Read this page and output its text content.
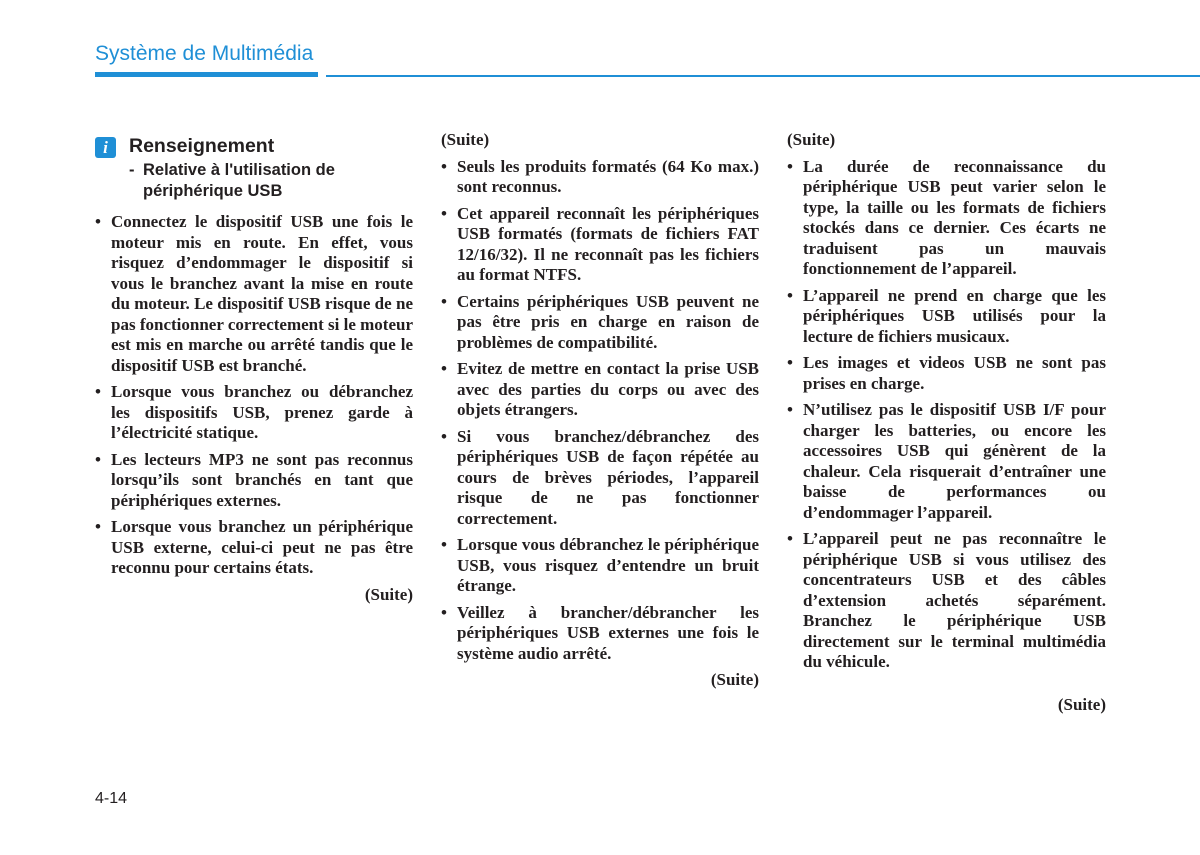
Système de Multimédia
i	Renseignement
- Relative à l'utilisation de périphérique USB
• Connectez le dispositif USB une fois le moteur mis en route. En effet, vous risquez d’endommager le dispositif si vous le branchez avant la mise en route du moteur. Le dispositif USB risque de ne pas fonctionner correctement si le moteur est mis en marche ou arrêté tandis que le dispositif USB est branché.
• Lorsque vous branchez ou débranchez les dispositifs USB, prenez garde à l’électricité statique.
• Les lecteurs MP3 ne sont pas reconnus lorsqu’ils sont branchés en tant que périphériques externes.
• Lorsque vous branchez un périphérique USB externe, celui-ci peut ne pas être reconnu pour certains états.
(Suite)
(Suite)
• Seuls les produits formatés (64 Ko max.) sont reconnus.
• Cet appareil reconnaît les périphériques USB formatés (formats de fichiers FAT 12/16/32). Il ne reconnaît pas les fichiers au format NTFS.
• Certains périphériques USB peuvent ne pas être pris en charge en raison de problèmes de compatibilité.
• Evitez de mettre en contact la prise USB avec des parties du corps ou avec des objets étrangers.
• Si vous branchez/débranchez des périphériques USB de façon répétée au cours de brèves périodes, l’appareil risque de ne pas fonctionner correctement.
• Lorsque vous débranchez le périphérique USB, vous risquez d’entendre un bruit étrange.
• Veillez à brancher/débrancher les périphériques USB externes une fois le système audio arrêté.
(Suite)
(Suite)
• La durée de reconnaissance du périphérique USB peut varier selon le type, la taille ou les formats de fichiers stockés dans ce dernier. Ces écarts ne traduisent pas un mauvais fonctionnement de l’appareil.
• L’appareil ne prend en charge que les périphériques USB utilisés pour la lecture de fichiers musicaux.
• Les images et videos USB ne sont pas prises en charge.
• N’utilisez pas le dispositif USB I/F pour charger les batteries, ou encore les accessoires USB qui génèrent de la chaleur. Cela risquerait d’entraîner une baisse de performances ou d’endommager l’appareil.
• L’appareil peut ne pas reconnaître le périphérique USB si vous utilisez des concentrateurs USB et des câbles d’extension achetés séparément. Branchez le périphérique USB directement sur le terminal multimédia du véhicule.
(Suite)
4-14
